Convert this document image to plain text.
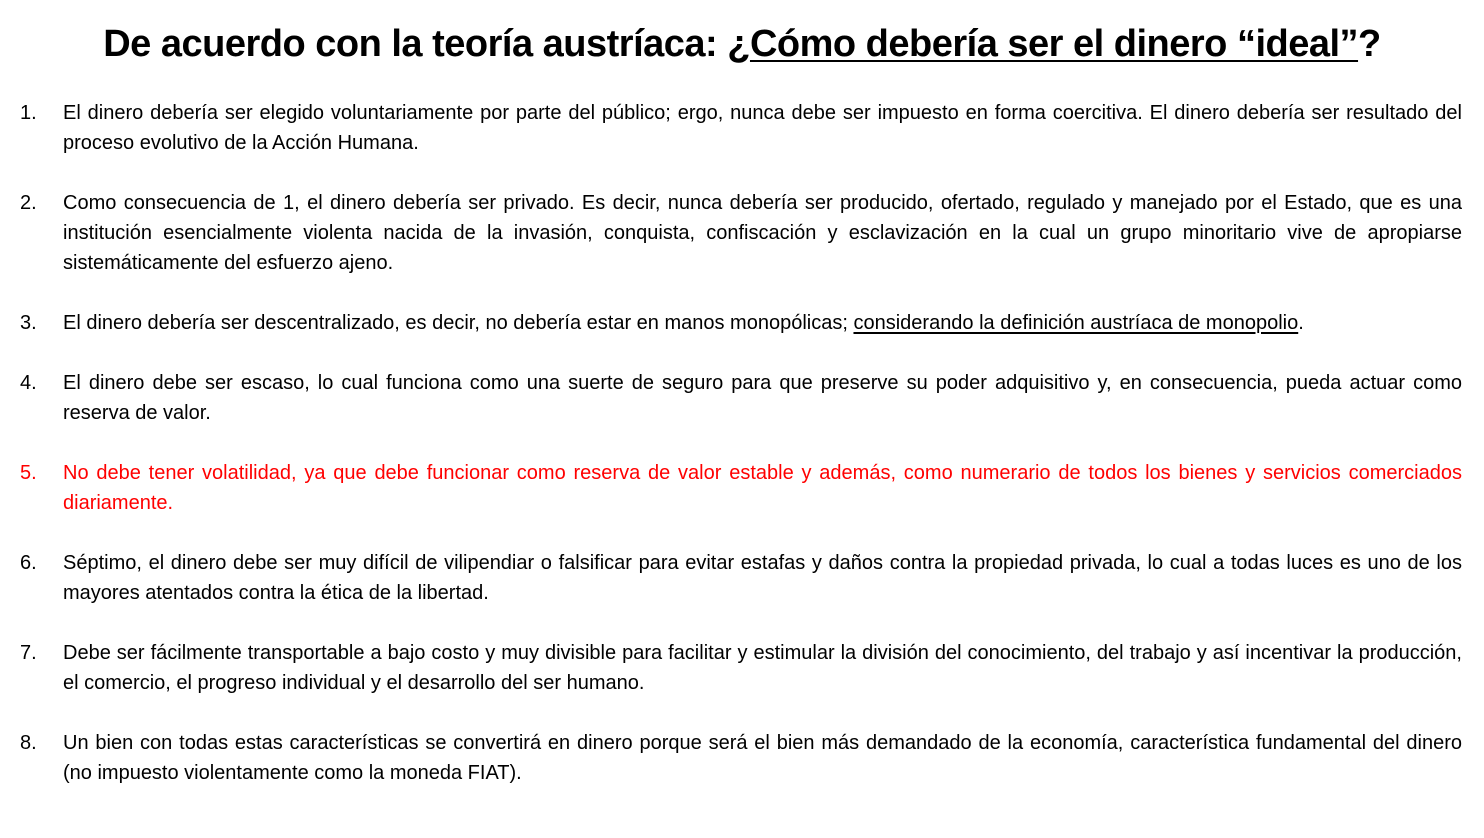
De acuerdo con la teoría austríaca: ¿Cómo debería ser el dinero “ideal”?
1. El dinero debería ser elegido voluntariamente por parte del público; ergo, nunca debe ser impuesto en forma coercitiva. El dinero debería ser resultado del proceso evolutivo de la Acción Humana.
2. Como consecuencia de 1, el dinero debería ser privado. Es decir, nunca debería ser producido, ofertado, regulado y manejado por el Estado, que es una institución esencialmente violenta nacida de la invasión, conquista, confiscación y esclavización en la cual un grupo minoritario vive de apropiarse sistemáticamente del esfuerzo ajeno.
3. El dinero debería ser descentralizado, es decir, no debería estar en manos monopólicas; considerando la definición austríaca de monopolio.
4. El dinero debe ser escaso, lo cual funciona como una suerte de seguro para que preserve su poder adquisitivo y, en consecuencia, pueda actuar como reserva de valor.
5. No debe tener volatilidad, ya que debe funcionar como reserva de valor estable y además, como numerario de todos los bienes y servicios comerciados diariamente.
6. Séptimo, el dinero debe ser muy difícil de vilipendiar o falsificar para evitar estafas y daños contra la propiedad privada, lo cual a todas luces es uno de los mayores atentados contra la ética de la libertad.
7. Debe ser fácilmente transportable a bajo costo y muy divisible para facilitar y estimular la división del conocimiento, del trabajo y así incentivar la producción, el comercio, el progreso individual y el desarrollo del ser humano.
8. Un bien con todas estas características se convertirá en dinero porque será el bien más demandado de la economía, característica fundamental del dinero (no impuesto violentamente como la moneda FIAT).
